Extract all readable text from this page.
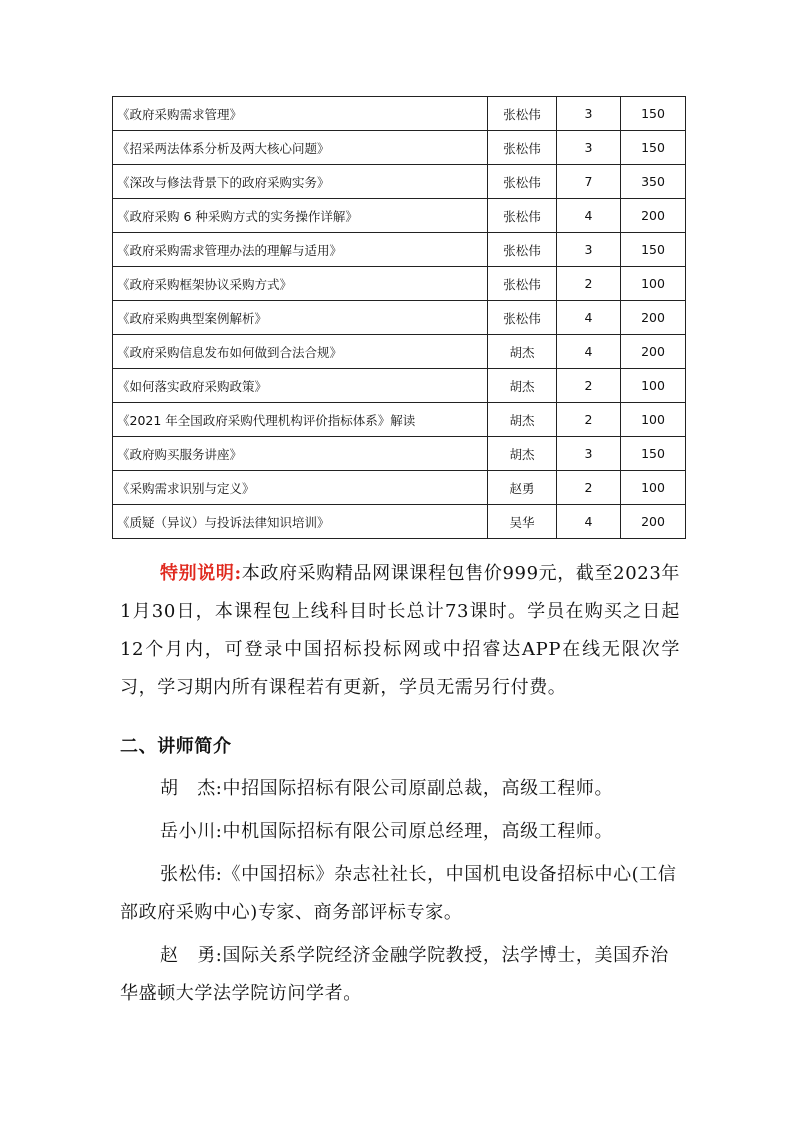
《政府采购需求管理》	张松伟	3	150
《招采两法体系分析及两大核心问题》	张松伟	3	150
《深改与修法背景下的政府采购实务》	张松伟	7	350
《政府采购 6 种采购方式的实务操作详解》	张松伟	4	200
《政府采购需求管理办法的理解与适用》	张松伟	3	150
《政府采购框架协议采购方式》	张松伟	2	100
《政府采购典型案例解析》	张松伟	4	200
《政府采购信息发布如何做到合法合规》	胡杰	4	200
《如何落实政府采购政策》	胡杰	2	100
《2021 年全国政府采购代理机构评价指标体系》解读	胡杰	2	100
《政府购买服务讲座》	胡杰	3	150
《采购需求识别与定义》	赵勇	2	100
《质疑（异议）与投诉法律知识培训》	吴华	4	200
特别说明:本政府采购精品网课课程包售价999元，截至2023年1月30日，本课程包上线科目时长总计73课时。学员在购买之日起12个月内，可登录中国招标投标网或中招睿达APP在线无限次学习，学习期内所有课程若有更新，学员无需另行付费。
二、讲师简介
胡　杰:中招国际招标有限公司原副总裁，高级工程师。
岳小川:中机国际招标有限公司原总经理，高级工程师。
张松伟:《中国招标》杂志社社长，中国机电设备招标中心(工信部政府采购中心)专家、商务部评标专家。
赵　勇:国际关系学院经济金融学院教授，法学博士，美国乔治华盛顿大学法学院访问学者。
